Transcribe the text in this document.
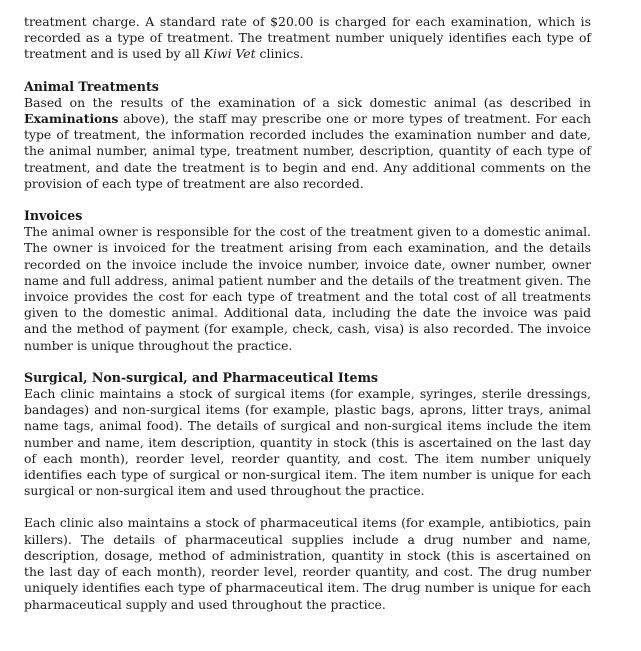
treatment charge. A standard rate of $20.00 is charged for each examination, which is recorded as a type of treatment. The treatment number uniquely identifies each type of treatment and is used by all Kiwi Vet clinics.

Animal Treatments

Based on the results of the examination of a sick domestic animal (as described in Examinations above), the staff may prescribe one or more types of treatment. For each type of treatment, the information recorded includes the examination number and date, the animal number, animal type, treatment number, description, quantity of each type of treatment, and date the treatment is to begin and end. Any additional comments on the provision of each type of treatment are also recorded.

Invoices

The animal owner is responsible for the cost of the treatment given to a domestic animal. The owner is invoiced for the treatment arising from each examination, and the details recorded on the invoice include the invoice number, invoice date, owner number, owner name and full address, animal patient number and the details of the treatment given. The invoice provides the cost for each type of treatment and the total cost of all treatments given to the domestic animal. Additional data, including the date the invoice was paid and the method of payment (for example, check, cash, visa) is also recorded. The invoice number is unique throughout the practice.

Surgical, Non-surgical, and Pharmaceutical Items

Each clinic maintains a stock of surgical items (for example, syringes, sterile dressings, bandages) and non-surgical items (for example, plastic bags, aprons, litter trays, animal name tags, animal food). The details of surgical and non-surgical items include the item number and name, item description, quantity in stock (this is ascertained on the last day of each month), reorder level, reorder quantity, and cost. The item number uniquely identifies each type of surgical or non-surgical item. The item number is unique for each surgical or non-surgical item and used throughout the practice.

Each clinic also maintains a stock of pharmaceutical items (for example, antibiotics, pain killers). The details of pharmaceutical supplies include a drug number and name, description, dosage, method of administration, quantity in stock (this is ascertained on the last day of each month), reorder level, reorder quantity, and cost. The drug number uniquely identifies each type of pharmaceutical item. The drug number is unique for each pharmaceutical supply and used throughout the practice.
